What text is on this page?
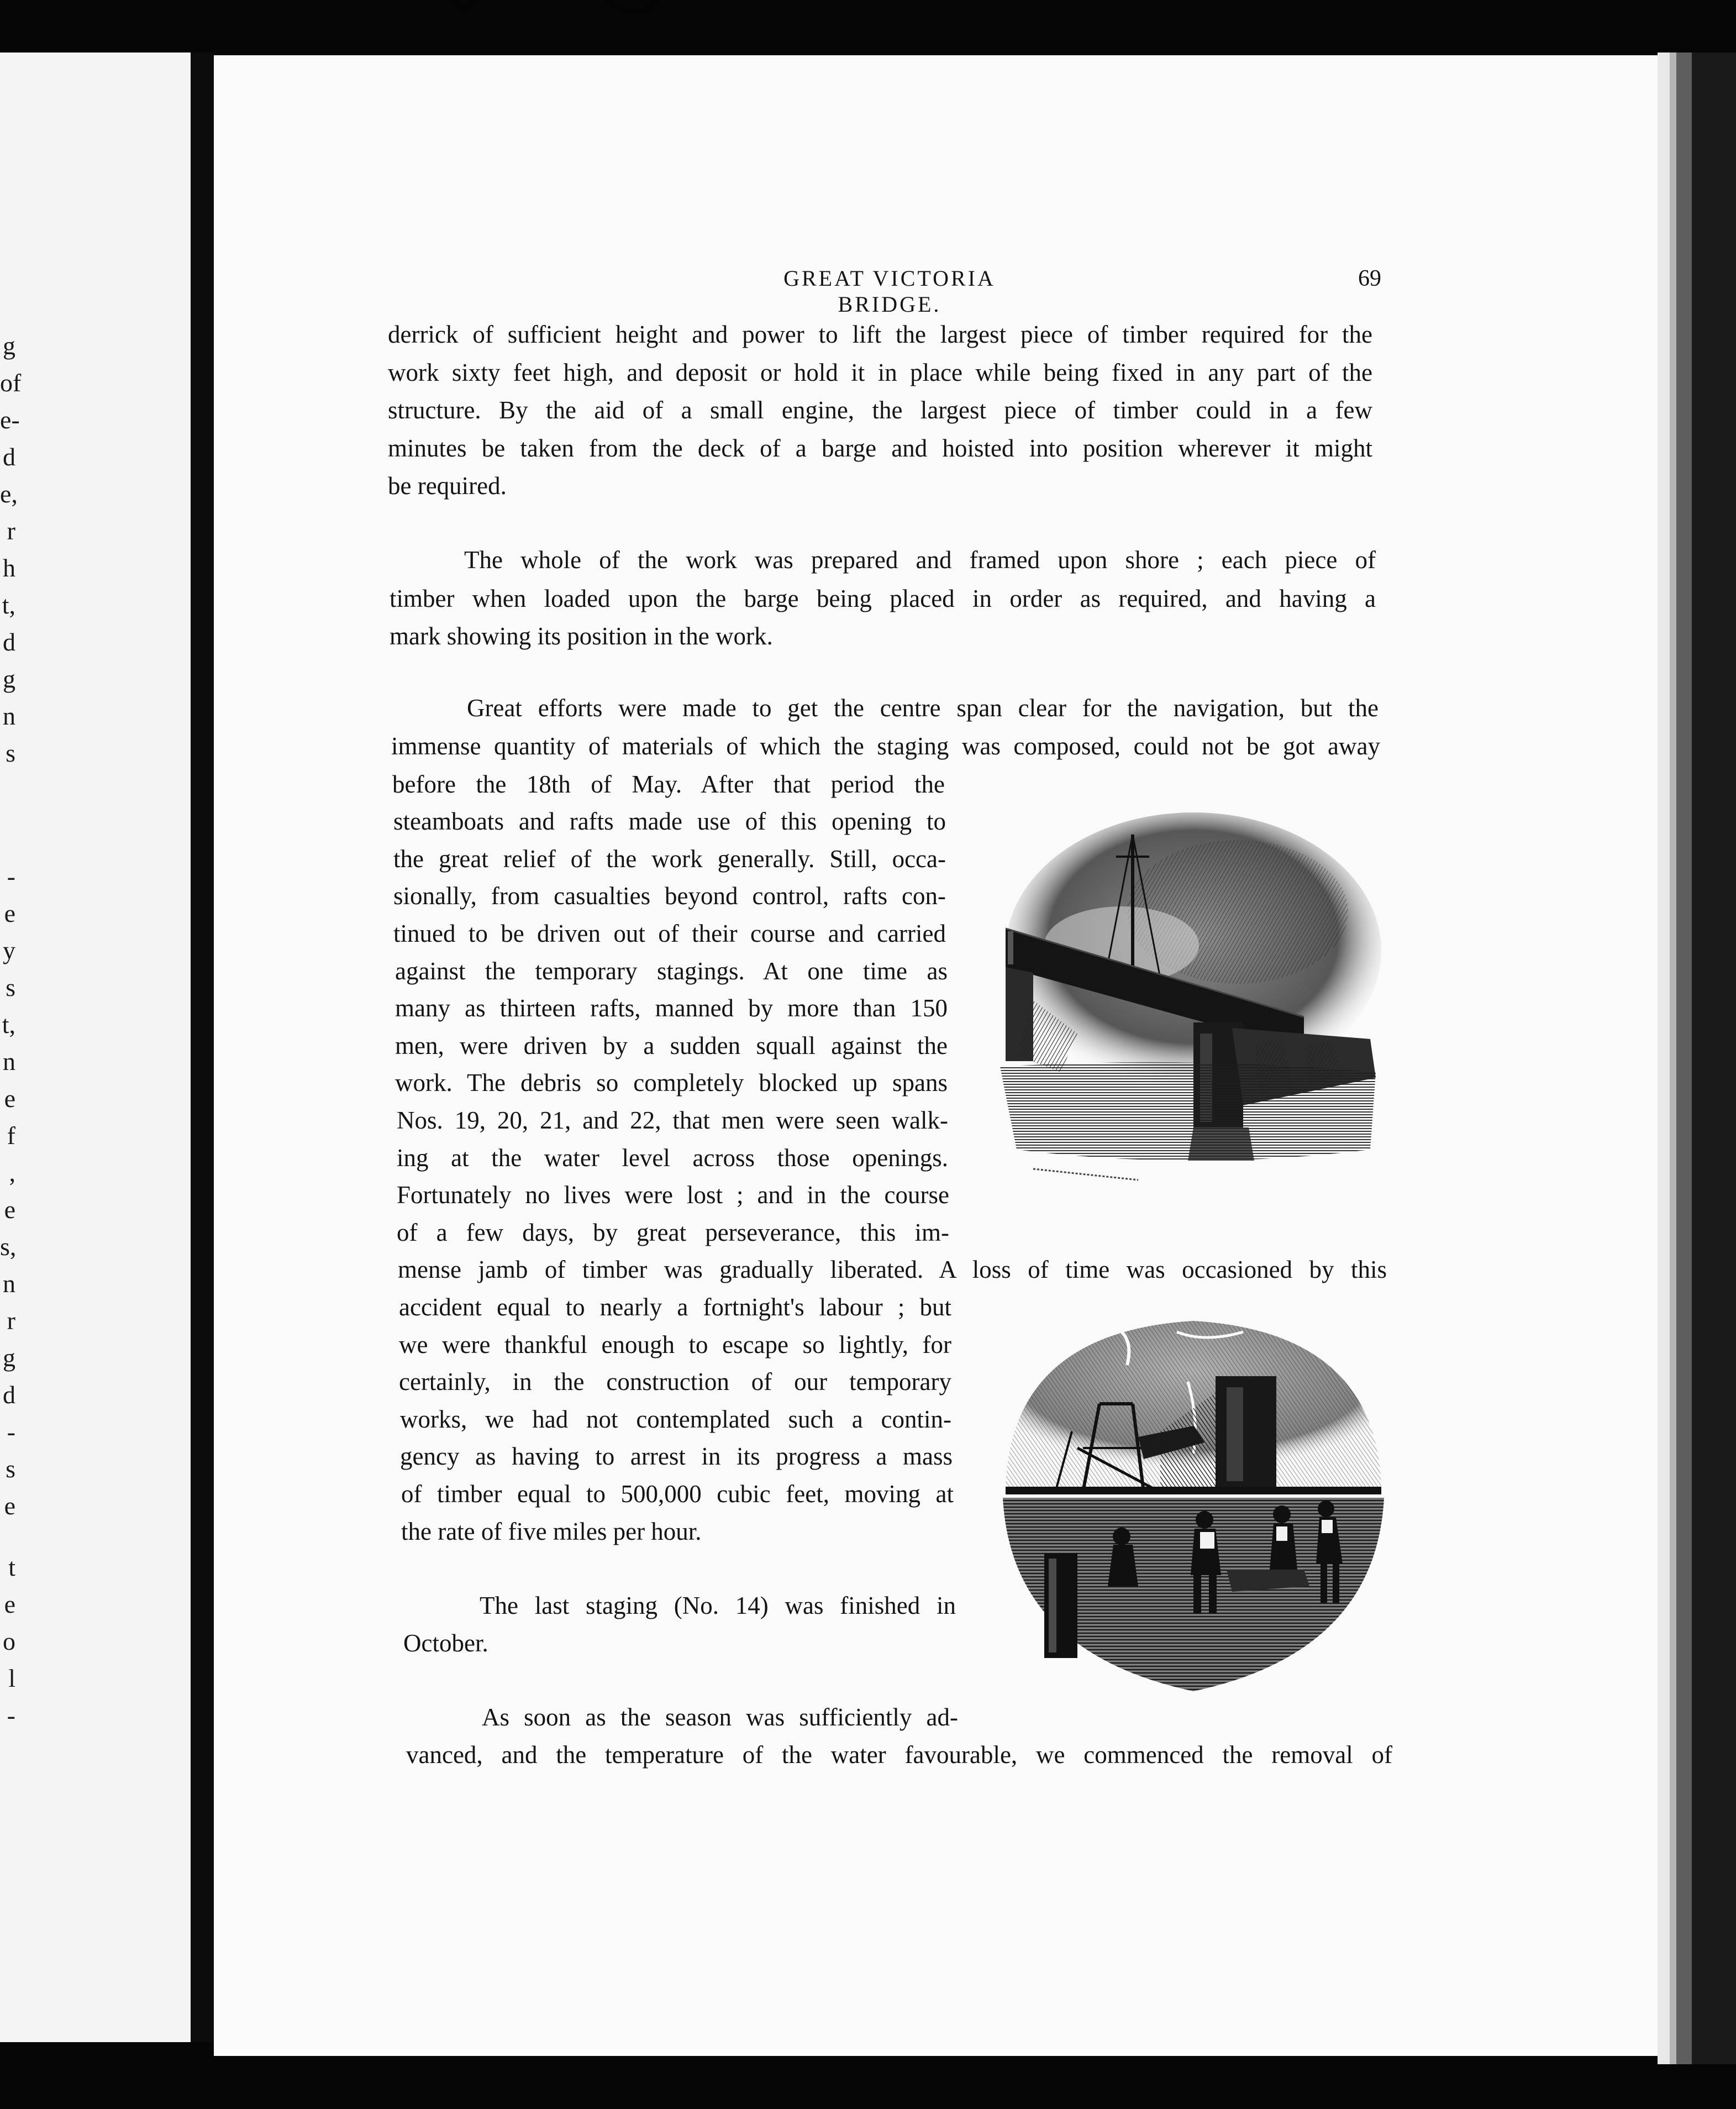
g
of
e-
d
e,
r
h
t,
d
g
n
s
-
e
y
s
t,
n
e
f
,
e
s,
n
r
g
d
-
s
e
t
e
o
l
-
GREAT VICTORIA BRIDGE.
69
derrick of sufficient height and power to lift the largest piece of timber required for the
work sixty feet high, and deposit or hold it in place while being fixed in any part of the
structure. By the aid of a small engine, the largest piece of timber could in a few
minutes be taken from the deck of a barge and hoisted into position wherever it might
be required.
The whole of the work was prepared and framed upon shore ; each piece of
timber when loaded upon the barge being placed in order as required, and having a
mark showing its position in the work.
Great efforts were made to get the centre span clear for the navigation, but the
immense quantity of materials of which the staging was composed, could not be got away
before the 18th of May. After that period the
steamboats and rafts made use of this opening to
the great relief of the work generally. Still, occa-
sionally, from casualties beyond control, rafts con-
tinued to be driven out of their course and carried
against the temporary stagings. At one time as
many as thirteen rafts, manned by more than 150
men, were driven by a sudden squall against the
work. The debris so completely blocked up spans
Nos. 19, 20, 21, and 22, that men were seen walk-
ing at the water level across those openings.
Fortunately no lives were lost ; and in the course
of a few days, by great perseverance, this im-
mense jamb of timber was gradually liberated. A loss of time was occasioned by this
accident equal to nearly a fortnight's labour ; but
we were thankful enough to escape so lightly, for
certainly, in the construction of our temporary
works, we had not contemplated such a contin-
gency as having to arrest in its progress a mass
of timber equal to 500,000 cubic feet, moving at
the rate of five miles per hour.
The last staging (No. 14) was finished in
October.
As soon as the season was sufficiently ad-
vanced, and the temperature of the water favourable, we commenced the removal of
